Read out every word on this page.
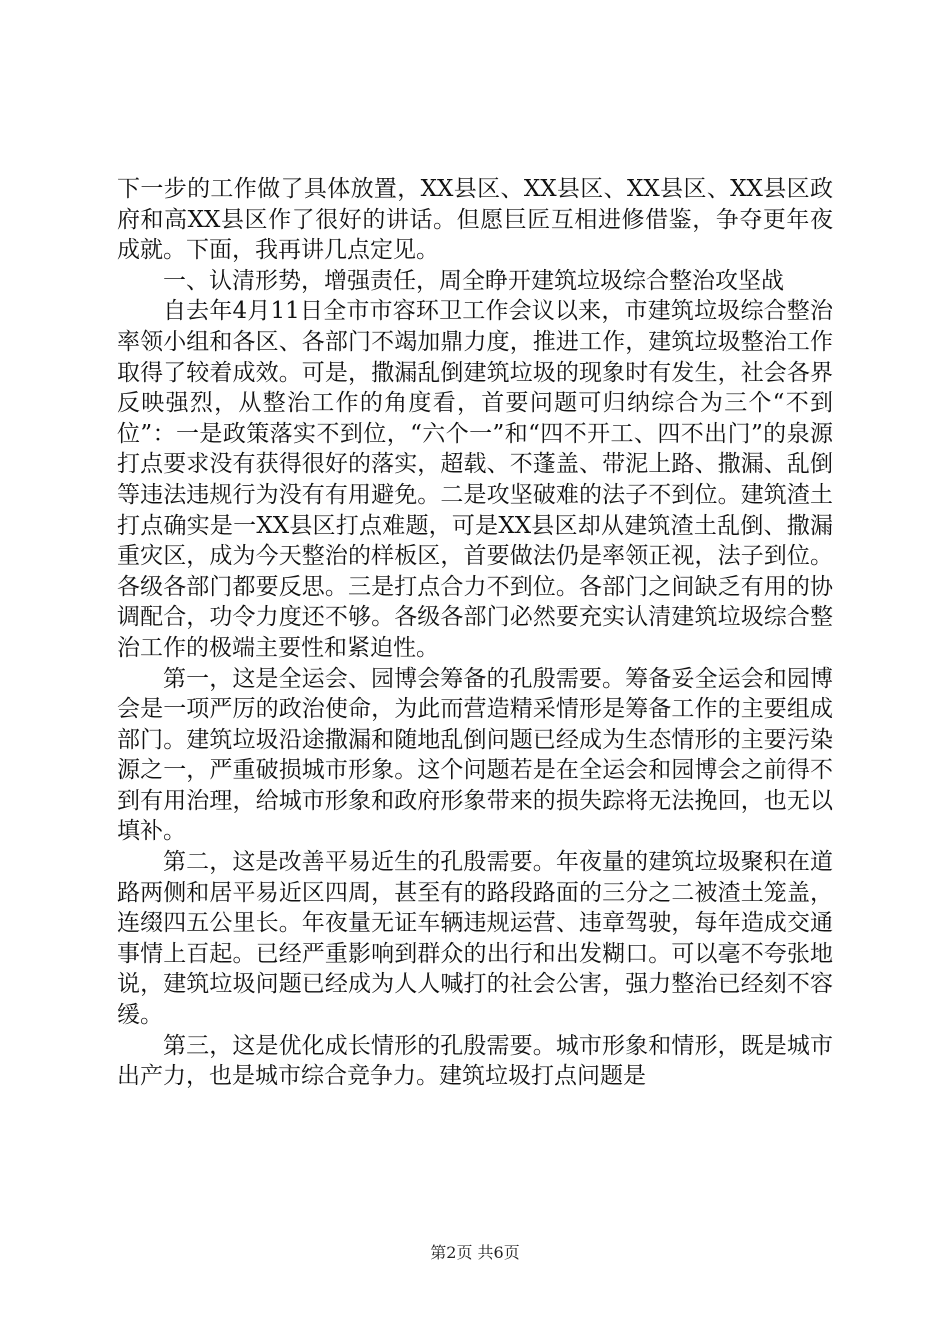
下一步的工作做了具体放置，XX县区、XX县区、XX县区、XX县区政府和高XX县区作了很好的讲话。但愿巨匠互相进修借鉴，争夺更年夜成就。下面，我再讲几点定见。

一、认清形势，增强责任，周全睁开建筑垃圾综合整治攻坚战

自去年4月11日全市市容环卫工作会议以来，市建筑垃圾综合整治率领小组和各区、各部门不竭加鼎力度，推进工作，建筑垃圾整治工作取得了较着成效。可是，撒漏乱倒建筑垃圾的现象时有发生，社会各界反映强烈，从整治工作的角度看，首要问题可归纳综合为三个“不到位”：一是政策落实不到位，“六个一”和“四不开工、四不出门”的泉源打点要求没有获得很好的落实，超载、不蓬盖、带泥上路、撒漏、乱倒等违法违规行为没有有用避免。二是攻坚破难的法子不到位。建筑渣土打点确实是一XX县区打点难题，可是XX县区却从建筑渣土乱倒、撒漏重灾区，成为今天整治的样板区，首要做法仍是率领正视，法子到位。各级各部门都要反思。三是打点合力不到位。各部门之间缺乏有用的协调配合，功令力度还不够。各级各部门必然要充实认清建筑垃圾综合整治工作的极端主要性和紧迫性。

第一，这是全运会、园博会筹备的孔殷需要。筹备妥全运会和园博会是一项严厉的政治使命，为此而营造精采情形是筹备工作的主要组成部门。建筑垃圾沿途撒漏和随地乱倒问题已经成为生态情形的主要污染源之一，严重破损城市形象。这个问题若是在全运会和园博会之前得不到有用治理，给城市形象和政府形象带来的损失踪将无法挽回，也无以填补。

第二，这是改善平易近生的孔殷需要。年夜量的建筑垃圾聚积在道路两侧和居平易近区四周，甚至有的路段路面的三分之二被渣土笼盖，连缀四五公里长。年夜量无证车辆违规运营、违章驾驶，每年造成交通事情上百起。已经严重影响到群众的出行和出发糊口。可以毫不夸张地说，建筑垃圾问题已经成为人人喊打的社会公害，强力整治已经刻不容缓。

第三，这是优化成长情形的孔殷需要。城市形象和情形，既是城市出产力，也是城市综合竞争力。建筑垃圾打点问题是

第2页 共6页
